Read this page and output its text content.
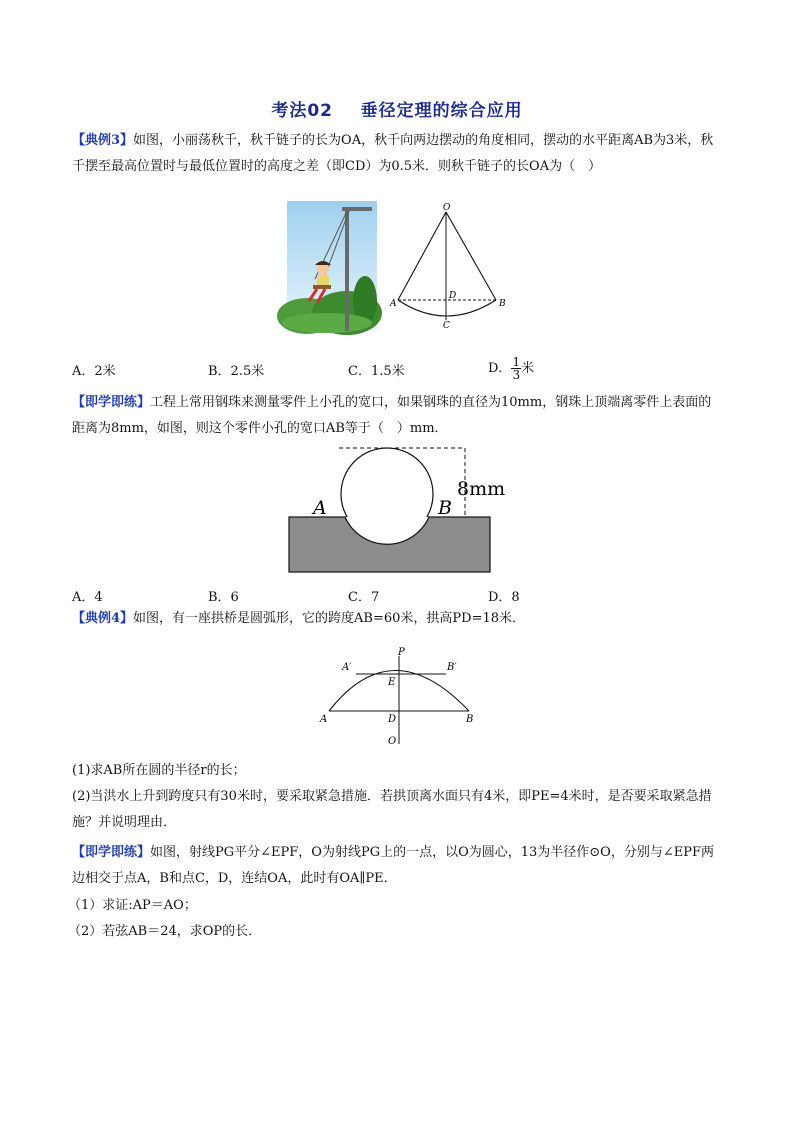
考法02    垂径定理的综合应用
【典例3】如图，小丽荡秋千，秋千链子的长为OA，秋千向两边摆动的角度相同，摆动的水平距离AB为3米，秋千摆至最高位置时与最低位置时的高度之差（即CD）为0.5米．则秋千链子的长OA为（　）
O
A	B
D
C
A．2米	B．2.5米	C．1.5米	D． $\frac{1}{3}$ 米
【即学即练】工程上常用钢珠来测量零件上小孔的宽口，如果钢珠的直径为10mm，钢珠上顶端离零件上表面的距离为8mm，如图，则这个零件小孔的宽口AB等于（　）mm．
A	B
8mm
A．4	B．6	C．7	D．8
【典例4】如图，有一座拱桥是圆弧形，它的跨度AB=60米，拱高PD=18米．
A′
P
B′
E
A	D	B
O
(1)求AB所在圆的半径r的长；
(2)当洪水上升到跨度只有30米时，要采取紧急措施．若拱顶离水面只有4米，即PE=4米时，是否要采取紧急措施？并说明理由．
【即学即练】如图，射线PG平分∠EPF，O为射线PG上的一点，以O为圆心，13为半径作⊙O，分别与∠EPF两边相交于点A，B和点C，D，连结OA，此时有OA∥PE．
（1）求证:AP＝AO；
（2）若弦AB＝24，求OP的长．
